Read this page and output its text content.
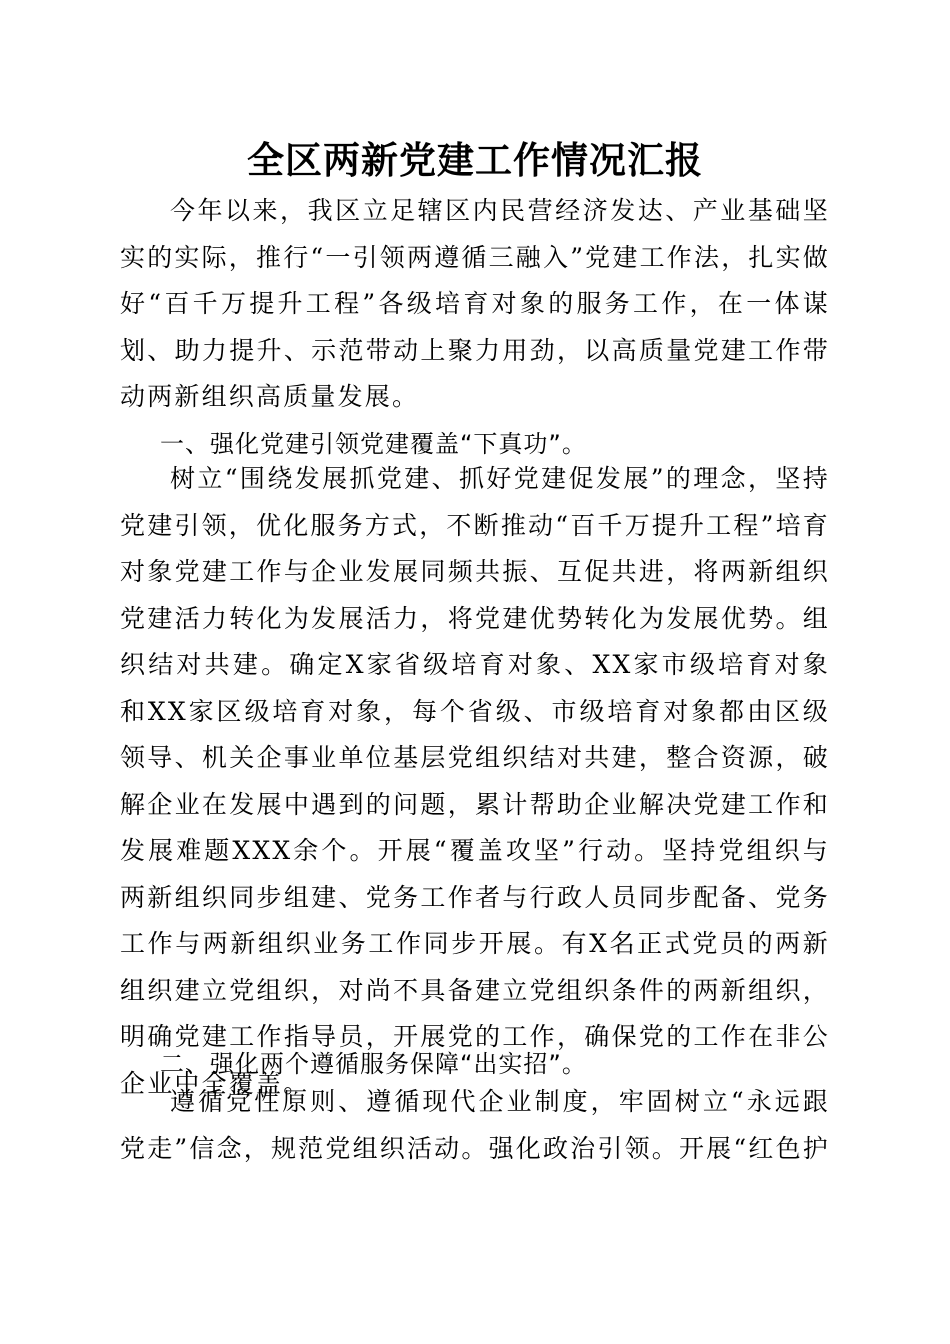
全区两新党建工作情况汇报

今年以来，我区立足辖区内民营经济发达、产业基础坚实的实际，推行“一引领两遵循三融入”党建工作法，扎实做好“百千万提升工程”各级培育对象的服务工作，在一体谋划、助力提升、示范带动上聚力用劲，以高质量党建工作带动两新组织高质量发展。

一、强化党建引领党建覆盖“下真功”。

树立“围绕发展抓党建、抓好党建促发展”的理念，坚持党建引领，优化服务方式，不断推动“百千万提升工程”培育对象党建工作与企业发展同频共振、互促共进，将两新组织党建活力转化为发展活力，将党建优势转化为发展优势。组织结对共建。确定X家省级培育对象、XX家市级培育对象和XX家区级培育对象，每个省级、市级培育对象都由区级领导、机关企事业单位基层党组织结对共建，整合资源，破解企业在发展中遇到的问题，累计帮助企业解决党建工作和发展难题XXX余个。开展“覆盖攻坚”行动。坚持党组织与两新组织同步组建、党务工作者与行政人员同步配备、党务工作与两新组织业务工作同步开展。有X名正式党员的两新组织建立党组织，对尚不具备建立党组织条件的两新组织，明确党建工作指导员，开展党的工作，确保党的工作在非公企业中全覆盖。

二、强化两个遵循服务保障“出实招”。

遵循党性原则、遵循现代企业制度，牢固树立“永远跟党走”信念，规范党组织活动。强化政治引领。开展“红色护
